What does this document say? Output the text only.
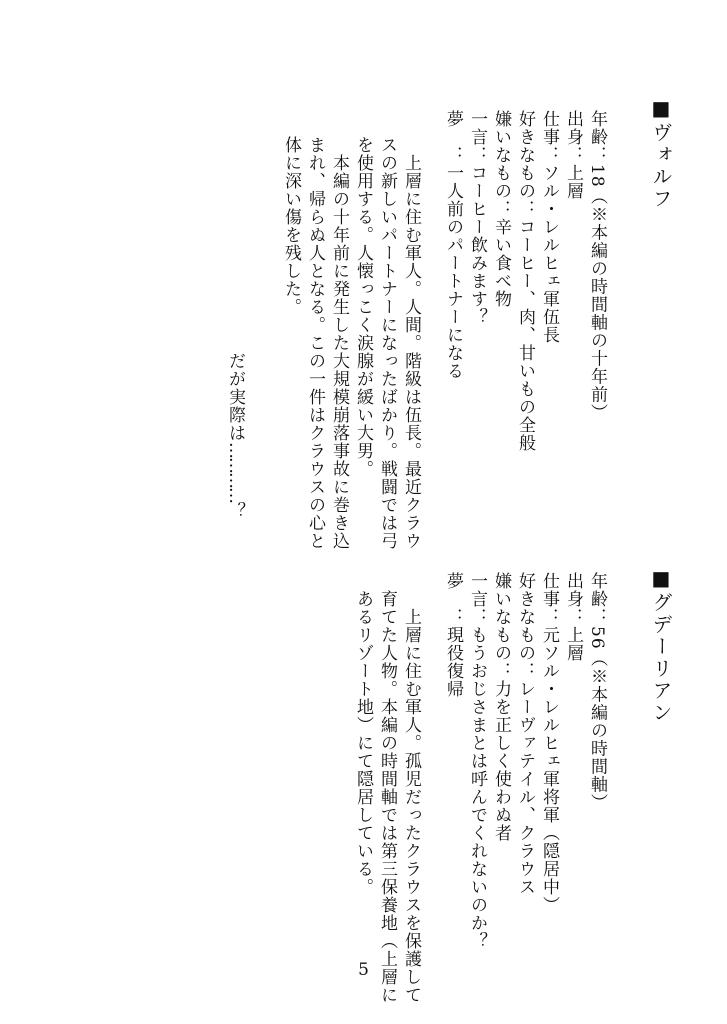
■ヴォルフ
年齢：18（※本編の時間軸の十年前）
出身：上層
仕事：ソル・レルヒェ軍伍長
好きなもの：コーヒー、肉、甘いもの全般
嫌いなもの：辛い食べ物
一言：コーヒー飲みます？
夢　：一人前のパートナーになる
　上層に住む軍人。人間。階級は伍長。最近クラウ
スの新しいパートナーになったばかり。戦闘では弓
を使用する。人懐っこく涙腺が緩い大男。
　本編の十年前に発生した大規模崩落事故に巻き込
まれ、帰らぬ人となる。この一件はクラウスの心と
体に深い傷を残した。
だが実際は…………？
■グデーリアン
年齢：56（※本編の時間軸）
出身：上層
仕事：元ソル・レルヒェ軍将軍（隠居中）
好きなもの：レーヴァテイル、クラウス
嫌いなもの：力を正しく使わぬ者
一言：もうおじさまとは呼んでくれないのか？
夢　：現役復帰
　上層に住む軍人。孤児だったクラウスを保護して
育てた人物。本編の時間軸では第三保養地（上層に
あるリゾート地）にて隠居している。
5
